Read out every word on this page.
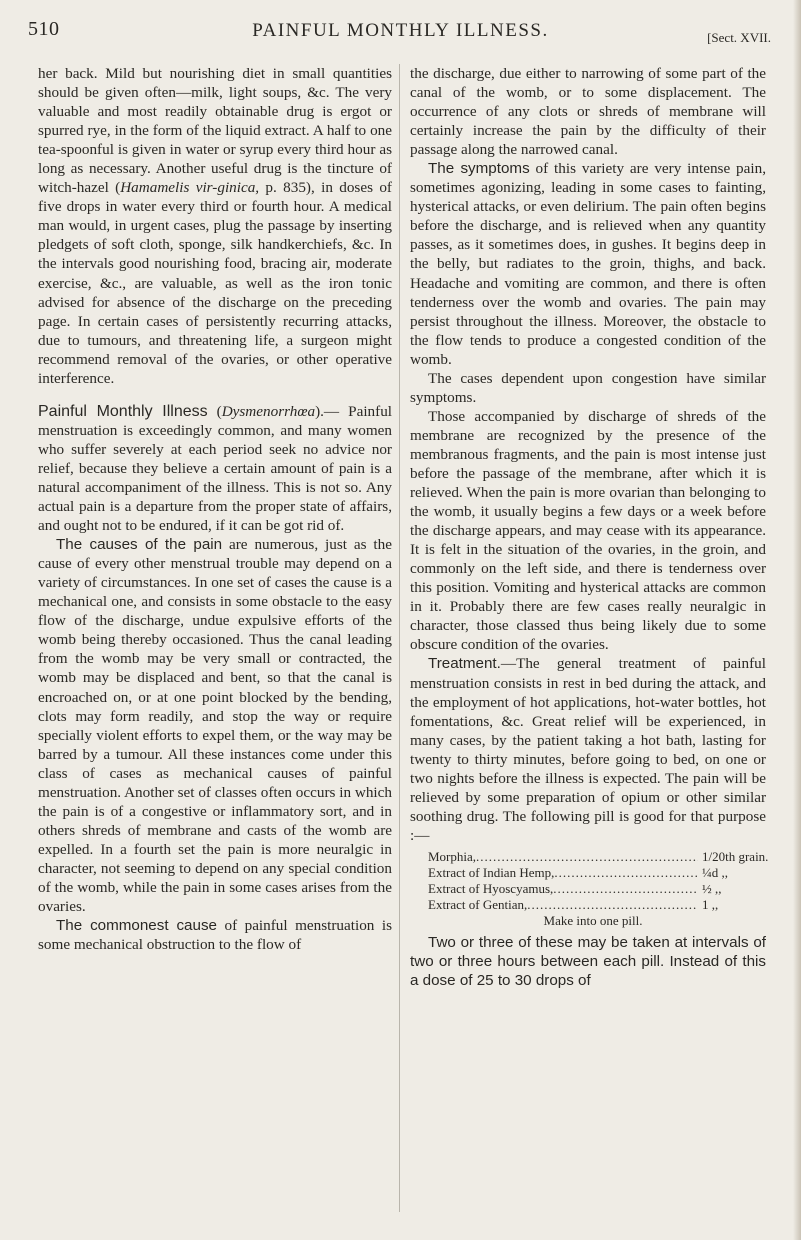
510	PAINFUL MONTHLY ILLNESS.	[Sect. XVII.

her back. Mild but nourishing diet in small quantities should be given often—milk, light soups, &c. The very valuable and most readily obtainable drug is ergot or spurred rye, in the form of the liquid extract. A half to one tea-spoonful is given in water or syrup every third hour as long as necessary. Another useful drug is the tincture of witch-hazel (Hamamelis vir-ginica, p. 835), in doses of five drops in water every third or fourth hour. A medical man would, in urgent cases, plug the passage by inserting pledgets of soft cloth, sponge, silk handkerchiefs, &c. In the intervals good nourishing food, bracing air, moderate exercise, &c., are valuable, as well as the iron tonic advised for absence of the discharge on the preceding page. In certain cases of persistently recurring attacks, due to tumours, and threatening life, a surgeon might recommend removal of the ovaries, or other operative interference.

Painful Monthly Illness (Dysmenorrhœa).— Painful menstruation is exceedingly common, and many women who suffer severely at each period seek no advice nor relief, because they believe a certain amount of pain is a natural accompaniment of the illness. This is not so. Any actual pain is a departure from the proper state of affairs, and ought not to be endured, if it can be got rid of.

The causes of the pain are numerous, just as the cause of every other menstrual trouble may depend on a variety of circumstances. In one set of cases the cause is a mechanical one, and consists in some obstacle to the easy flow of the discharge, undue expulsive efforts of the womb being thereby occasioned. Thus the canal leading from the womb may be very small or contracted, the womb may be displaced and bent, so that the canal is encroached on, or at one point blocked by the bending, clots may form readily, and stop the way or require specially violent efforts to expel them, or the way may be barred by a tumour. All these instances come under this class of cases as mechanical causes of painful menstruation. Another set of classes often occurs in which the pain is of a congestive or inflammatory sort, and in others shreds of membrane and casts of the womb are expelled. In a fourth set the pain is more neuralgic in character, not seeming to depend on any special condition of the womb, while the pain in some cases arises from the ovaries.

The commonest cause of painful menstruation is some mechanical obstruction to the flow of

the discharge, due either to narrowing of some part of the canal of the womb, or to some displacement. The occurrence of any clots or shreds of membrane will certainly increase the pain by the difficulty of their passage along the narrowed canal.

The symptoms of this variety are very intense pain, sometimes agonizing, leading in some cases to fainting, hysterical attacks, or even delirium. The pain often begins before the discharge, and is relieved when any quantity passes, as it sometimes does, in gushes. It begins deep in the belly, but radiates to the groin, thighs, and back. Headache and vomiting are common, and there is often tenderness over the womb and ovaries. The pain may persist throughout the illness. Moreover, the obstacle to the flow tends to produce a congested condition of the womb.

The cases dependent upon congestion have similar symptoms.

Those accompanied by discharge of shreds of the membrane are recognized by the presence of the membranous fragments, and the pain is most intense just before the passage of the membrane, after which it is relieved. When the pain is more ovarian than belonging to the womb, it usually begins a few days or a week before the discharge appears, and may cease with its appearance. It is felt in the situation of the ovaries, in the groin, and commonly on the left side, and there is tenderness over this position. Vomiting and hysterical attacks are common in it. Probably there are few cases really neuralgic in character, those classed thus being likely due to some obscure condition of the ovaries.

Treatment.—The general treatment of painful menstruation consists in rest in bed during the attack, and the employment of hot applications, hot-water bottles, hot fomentations, &c. Great relief will be experienced, in many cases, by the patient taking a hot bath, lasting for twenty to thirty minutes, before going to bed, on one or two nights before the illness is expected. The pain will be relieved by some preparation of opium or other similar soothing drug. The following pill is good for that purpose :—

Morphia, .....	1/20th grain.
Extract of Indian Hemp, .....	¼d ,,
Extract of Hyoscyamus, .....	½ ,,
Extract of Gentian, .....	1 ,,
Make into one pill.

Two or three of these may be taken at intervals of two or three hours between each pill. Instead of this a dose of 25 to 30 drops of
